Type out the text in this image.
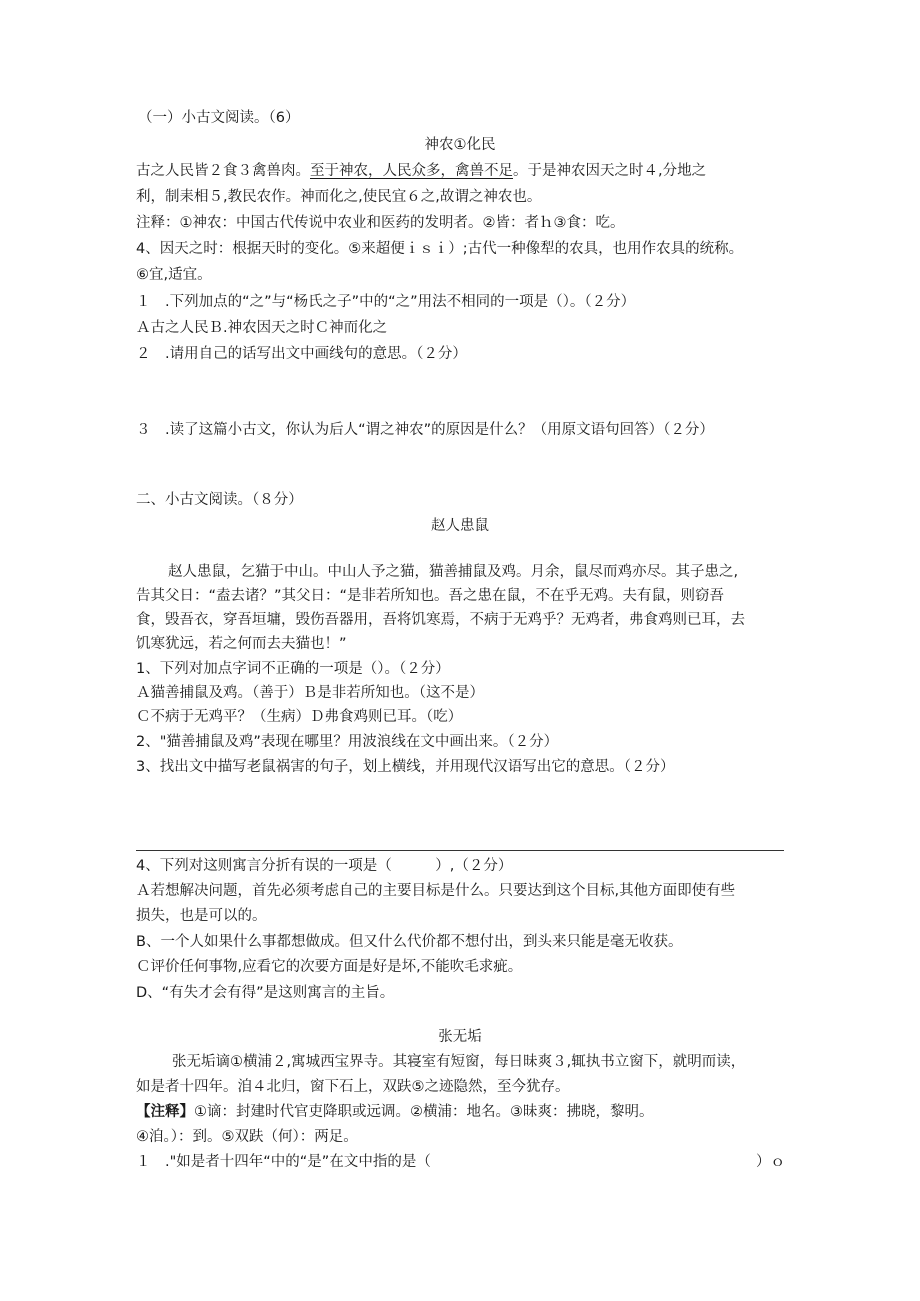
（一）小古文阅读。（6）
神农①化民
古之人民皆２食３禽兽肉。至于神农，人民众多，禽兽不足。于是神农因天之时４,分地之
利，制耒相５,教民农作。神而化之,使民宜６之,故谓之神农也。
注释：①神农：中国古代传说中农业和医药的发明者。②皆：者ｈ③食：吃。
4、因天之时：根据天时的变化。⑤来超便ｉｓｉ）;古代一种像犁的农具，也用作农具的统称。
⑥宜,适宜。
１　.下列加点的“之”与“杨氏之子”中的“之”用法不相同的一项是（）。（２分）
Ａ古之人民Ｂ.神农因天之时Ｃ神而化之
２　.请用自己的话写出文中画线句的意思。（２分）
３　.读了这篇小古文，你认为后人“谓之神农”的原因是什么？（用原文语句回答）（２分）
二、小古文阅读。（８分）
赵人患鼠
赵人患鼠，乞猫于中山。中山人予之猫，猫善捕鼠及鸡。月余，鼠尽而鸡亦尽。其子患之,
告其父日：“盍去诸？”其父日：“是非若所知也。吾之患在鼠，不在乎无鸡。夫有鼠，则窃吾
食，毁吾衣，穿吾垣墉，毁伤吾器用，吾将饥寒焉，不病于无鸡乎？无鸡者，弗食鸡则已耳，去
饥寒犹远，若之何而去夫猫也！”
1、下列对加点字词不正确的一项是（）。（２分）
Ａ猫善捕鼠及鸡。（善于）Ｂ是非若所知也。（这不是）
Ｃ不病于无鸡平？（生病）Ｄ弗食鸡则已耳。（吃）
2、"猫善捕鼠及鸡”表现在哪里？用波浪线在文中画出来。（２分）
3、找出文中描写老鼠祸害的句子，划上横线，并用现代汉语写出它的意思。（２分）
4、下列对这则寓言分折有误的一项是（　　　）,（２分）
Ａ若想解决问题，首先必须考虑自己的主要目标是什么。只要达到这个目标,其他方面即使有些
损失，也是可以的。
B、一个人如果什么事都想做成。但又什么代价都不想付出，到头来只能是毫无收获。
Ｃ评价任何事物,应看它的次要方面是好是坏,不能吹毛求疵。
D、“有失才会有得”是这则寓言的主旨。
张无垢
张无垢谪①横浦２,寓城西宝界寺。其寝室有短窗，每日昧爽３,辄执书立窗下，就明而读，
如是者十四年。洎４北归，窗下石上，双趺⑤之迹隐然，至今犹存。
【注释】①谪：封建时代官吏降职或远调。②横浦：地名。③昧爽：拂晓，黎明。
④洎。）：到。⑤双趺（何）：两足。
１　."如是者十四年“中的“是”在文中指的是（	）ｏ
